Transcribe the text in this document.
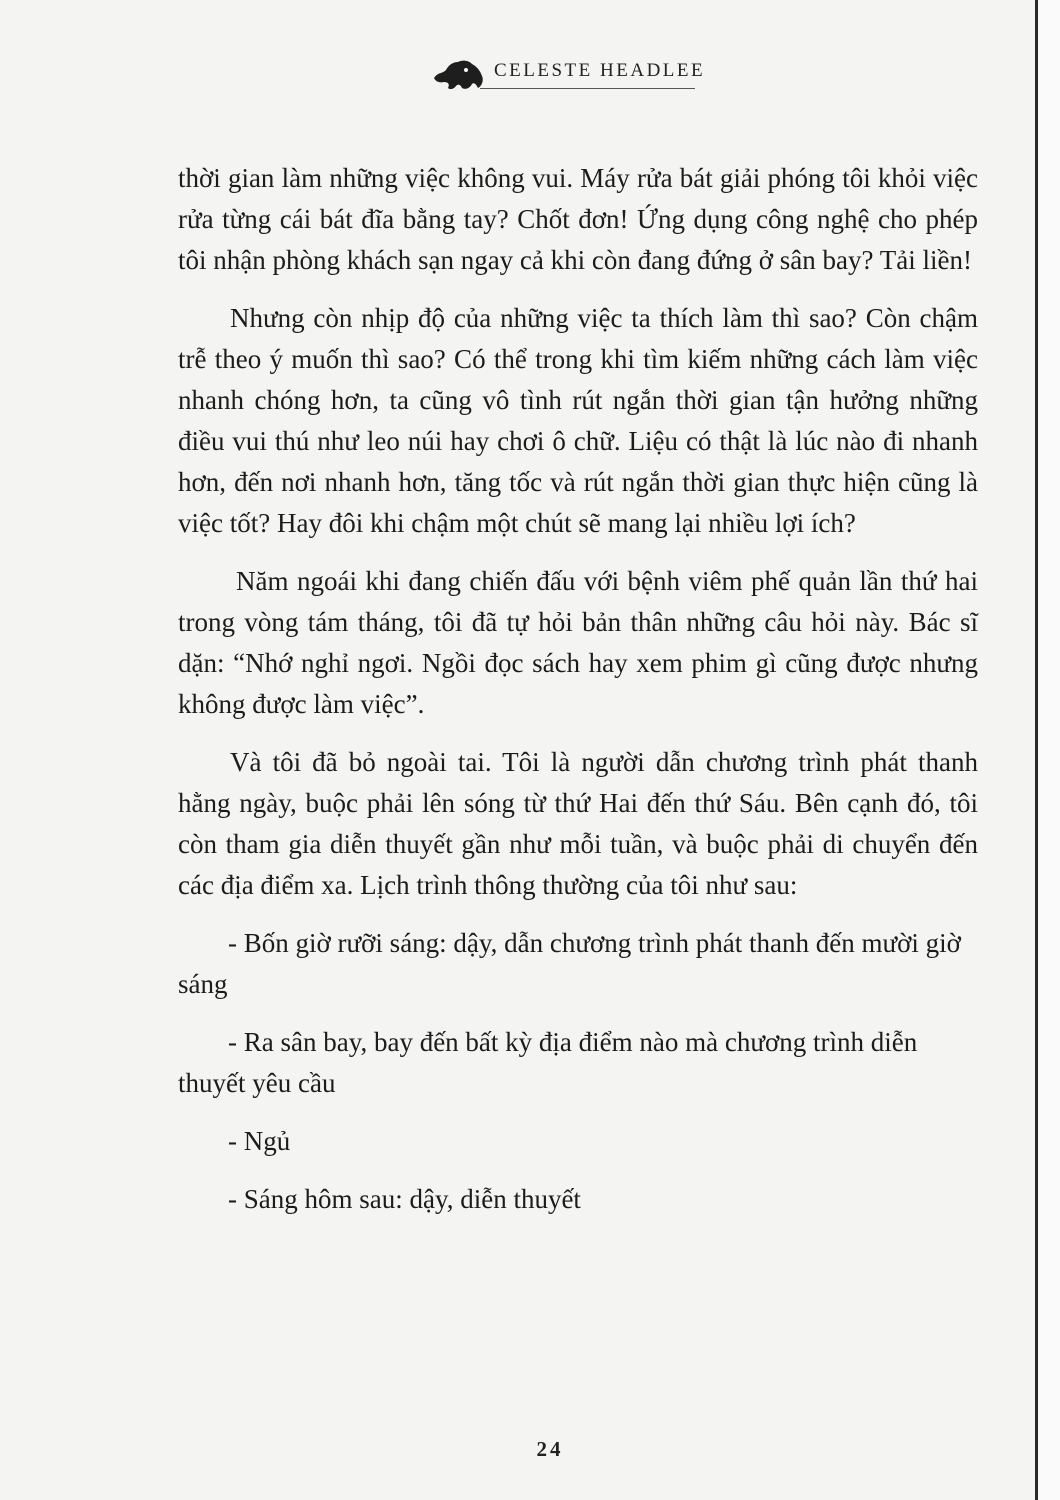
CELESTE HEADLEE

thời gian làm những việc không vui. Máy rửa bát giải phóng tôi khỏi việc rửa từng cái bát đĩa bằng tay? Chốt đơn! Ứng dụng công nghệ cho phép tôi nhận phòng khách sạn ngay cả khi còn đang đứng ở sân bay? Tải liền!

Nhưng còn nhịp độ của những việc ta thích làm thì sao? Còn chậm trễ theo ý muốn thì sao? Có thể trong khi tìm kiếm những cách làm việc nhanh chóng hơn, ta cũng vô tình rút ngắn thời gian tận hưởng những điều vui thú như leo núi hay chơi ô chữ. Liệu có thật là lúc nào đi nhanh hơn, đến nơi nhanh hơn, tăng tốc và rút ngắn thời gian thực hiện cũng là việc tốt? Hay đôi khi chậm một chút sẽ mang lại nhiều lợi ích?

Năm ngoái khi đang chiến đấu với bệnh viêm phế quản lần thứ hai trong vòng tám tháng, tôi đã tự hỏi bản thân những câu hỏi này. Bác sĩ dặn: “Nhớ nghỉ ngơi. Ngồi đọc sách hay xem phim gì cũng được nhưng không được làm việc”.

Và tôi đã bỏ ngoài tai. Tôi là người dẫn chương trình phát thanh hằng ngày, buộc phải lên sóng từ thứ Hai đến thứ Sáu. Bên cạnh đó, tôi còn tham gia diễn thuyết gần như mỗi tuần, và buộc phải di chuyển đến các địa điểm xa. Lịch trình thông thường của tôi như sau:

- Bốn giờ rưỡi sáng: dậy, dẫn chương trình phát thanh đến mười giờ sáng

- Ra sân bay, bay đến bất kỳ địa điểm nào mà chương trình diễn thuyết yêu cầu

- Ngủ

- Sáng hôm sau: dậy, diễn thuyết

24
